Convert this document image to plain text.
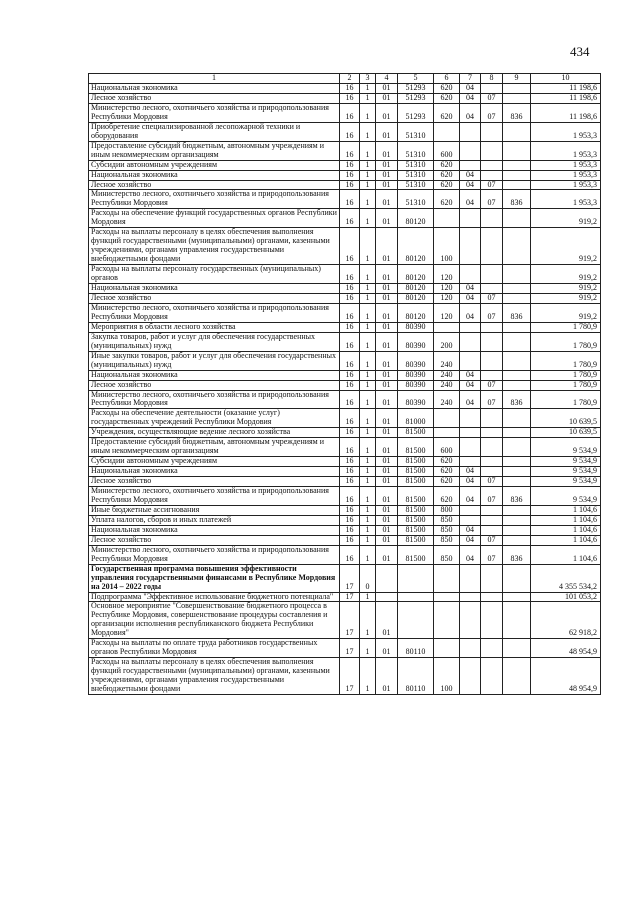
434
1	2	3	4	5	6	7	8	9	10
Национальная экономика	16	1	01	51293	620	04			11 198,6
Лесное хозяйство	16	1	01	51293	620	04	07		11 198,6
Министерство лесного, охотничьего хозяйства и природопользования Республики Мордовия	16	1	01	51293	620	04	07	836	11 198,6
Приобретение специализированной лесопожарной техники и оборудования	16	1	01	51310					1 953,3
Предоставление субсидий бюджетным, автономным учреждениям и иным некоммерческим организациям	16	1	01	51310	600				1 953,3
Субсидии автономным учреждениям	16	1	01	51310	620				1 953,3
Национальная экономика	16	1	01	51310	620	04			1 953,3
Лесное хозяйство	16	1	01	51310	620	04	07		1 953,3
Министерство лесного, охотничьего хозяйства и природопользования Республики Мордовия	16	1	01	51310	620	04	07	836	1 953,3
Расходы на обеспечение функций государственных органов Республики Мордовия	16	1	01	80120					919,2
Расходы на выплаты персоналу в целях обеспечения выполнения функций государственными (муниципальными) органами, казенными учреждениями, органами управления государственными внебюджетными фондами	16	1	01	80120	100				919,2
Расходы на выплаты персоналу государственных (муниципальных) органов	16	1	01	80120	120				919,2
Национальная экономика	16	1	01	80120	120	04			919,2
Лесное хозяйство	16	1	01	80120	120	04	07		919,2
Министерство лесного, охотничьего хозяйства и природопользования Республики Мордовия	16	1	01	80120	120	04	07	836	919,2
Мероприятия в области лесного хозяйства	16	1	01	80390					1 780,9
Закупка товаров, работ и услуг для обеспечения государственных (муниципальных) нужд	16	1	01	80390	200				1 780,9
Иные закупки товаров, работ и услуг для обеспечения государственных (муниципальных) нужд	16	1	01	80390	240				1 780,9
Национальная экономика	16	1	01	80390	240	04			1 780,9
Лесное хозяйство	16	1	01	80390	240	04	07		1 780,9
Министерство лесного, охотничьего хозяйства и природопользования Республики Мордовия	16	1	01	80390	240	04	07	836	1 780,9
Расходы на обеспечение деятельности (оказание услуг) государственных учреждений Республики Мордовия	16	1	01	81000					10 639,5
Учреждения, осуществляющие ведение лесного хозяйства	16	1	01	81500					10 639,5
Предоставление субсидий бюджетным, автономным учреждениям и иным некоммерческим организациям	16	1	01	81500	600				9 534,9
Субсидии автономным учреждениям	16	1	01	81500	620				9 534,9
Национальная экономика	16	1	01	81500	620	04			9 534,9
Лесное хозяйство	16	1	01	81500	620	04	07		9 534,9
Министерство лесного, охотничьего хозяйства и природопользования Республики Мордовия	16	1	01	81500	620	04	07	836	9 534,9
Иные бюджетные ассигнования	16	1	01	81500	800				1 104,6
Уплата налогов, сборов и иных платежей	16	1	01	81500	850				1 104,6
Национальная экономика	16	1	01	81500	850	04			1 104,6
Лесное хозяйство	16	1	01	81500	850	04	07		1 104,6
Министерство лесного, охотничьего хозяйства и природопользования Республики Мордовия	16	1	01	81500	850	04	07	836	1 104,6
Государственная программа повышения эффективности управления государственными финансами в Республике Мордовия на 2014 – 2022 годы	17	0							4 355 534,2
Подпрограмма "Эффективное использование бюджетного потенциала"	17	1							101 053,2
Основное мероприятие "Совершенствование бюджетного процесса в Республике Мордовия, совершенствование процедуры составления и организации исполнения республиканского бюджета Республики Мордовия"	17	1	01						62 918,2
Расходы на выплаты по оплате труда работников государственных органов Республики Мордовия	17	1	01	80110					48 954,9
Расходы на выплаты персоналу в целях обеспечения выполнения функций государственными (муниципальными) органами, казенными учреждениями, органами управления государственными внебюджетными фондами	17	1	01	80110	100				48 954,9
